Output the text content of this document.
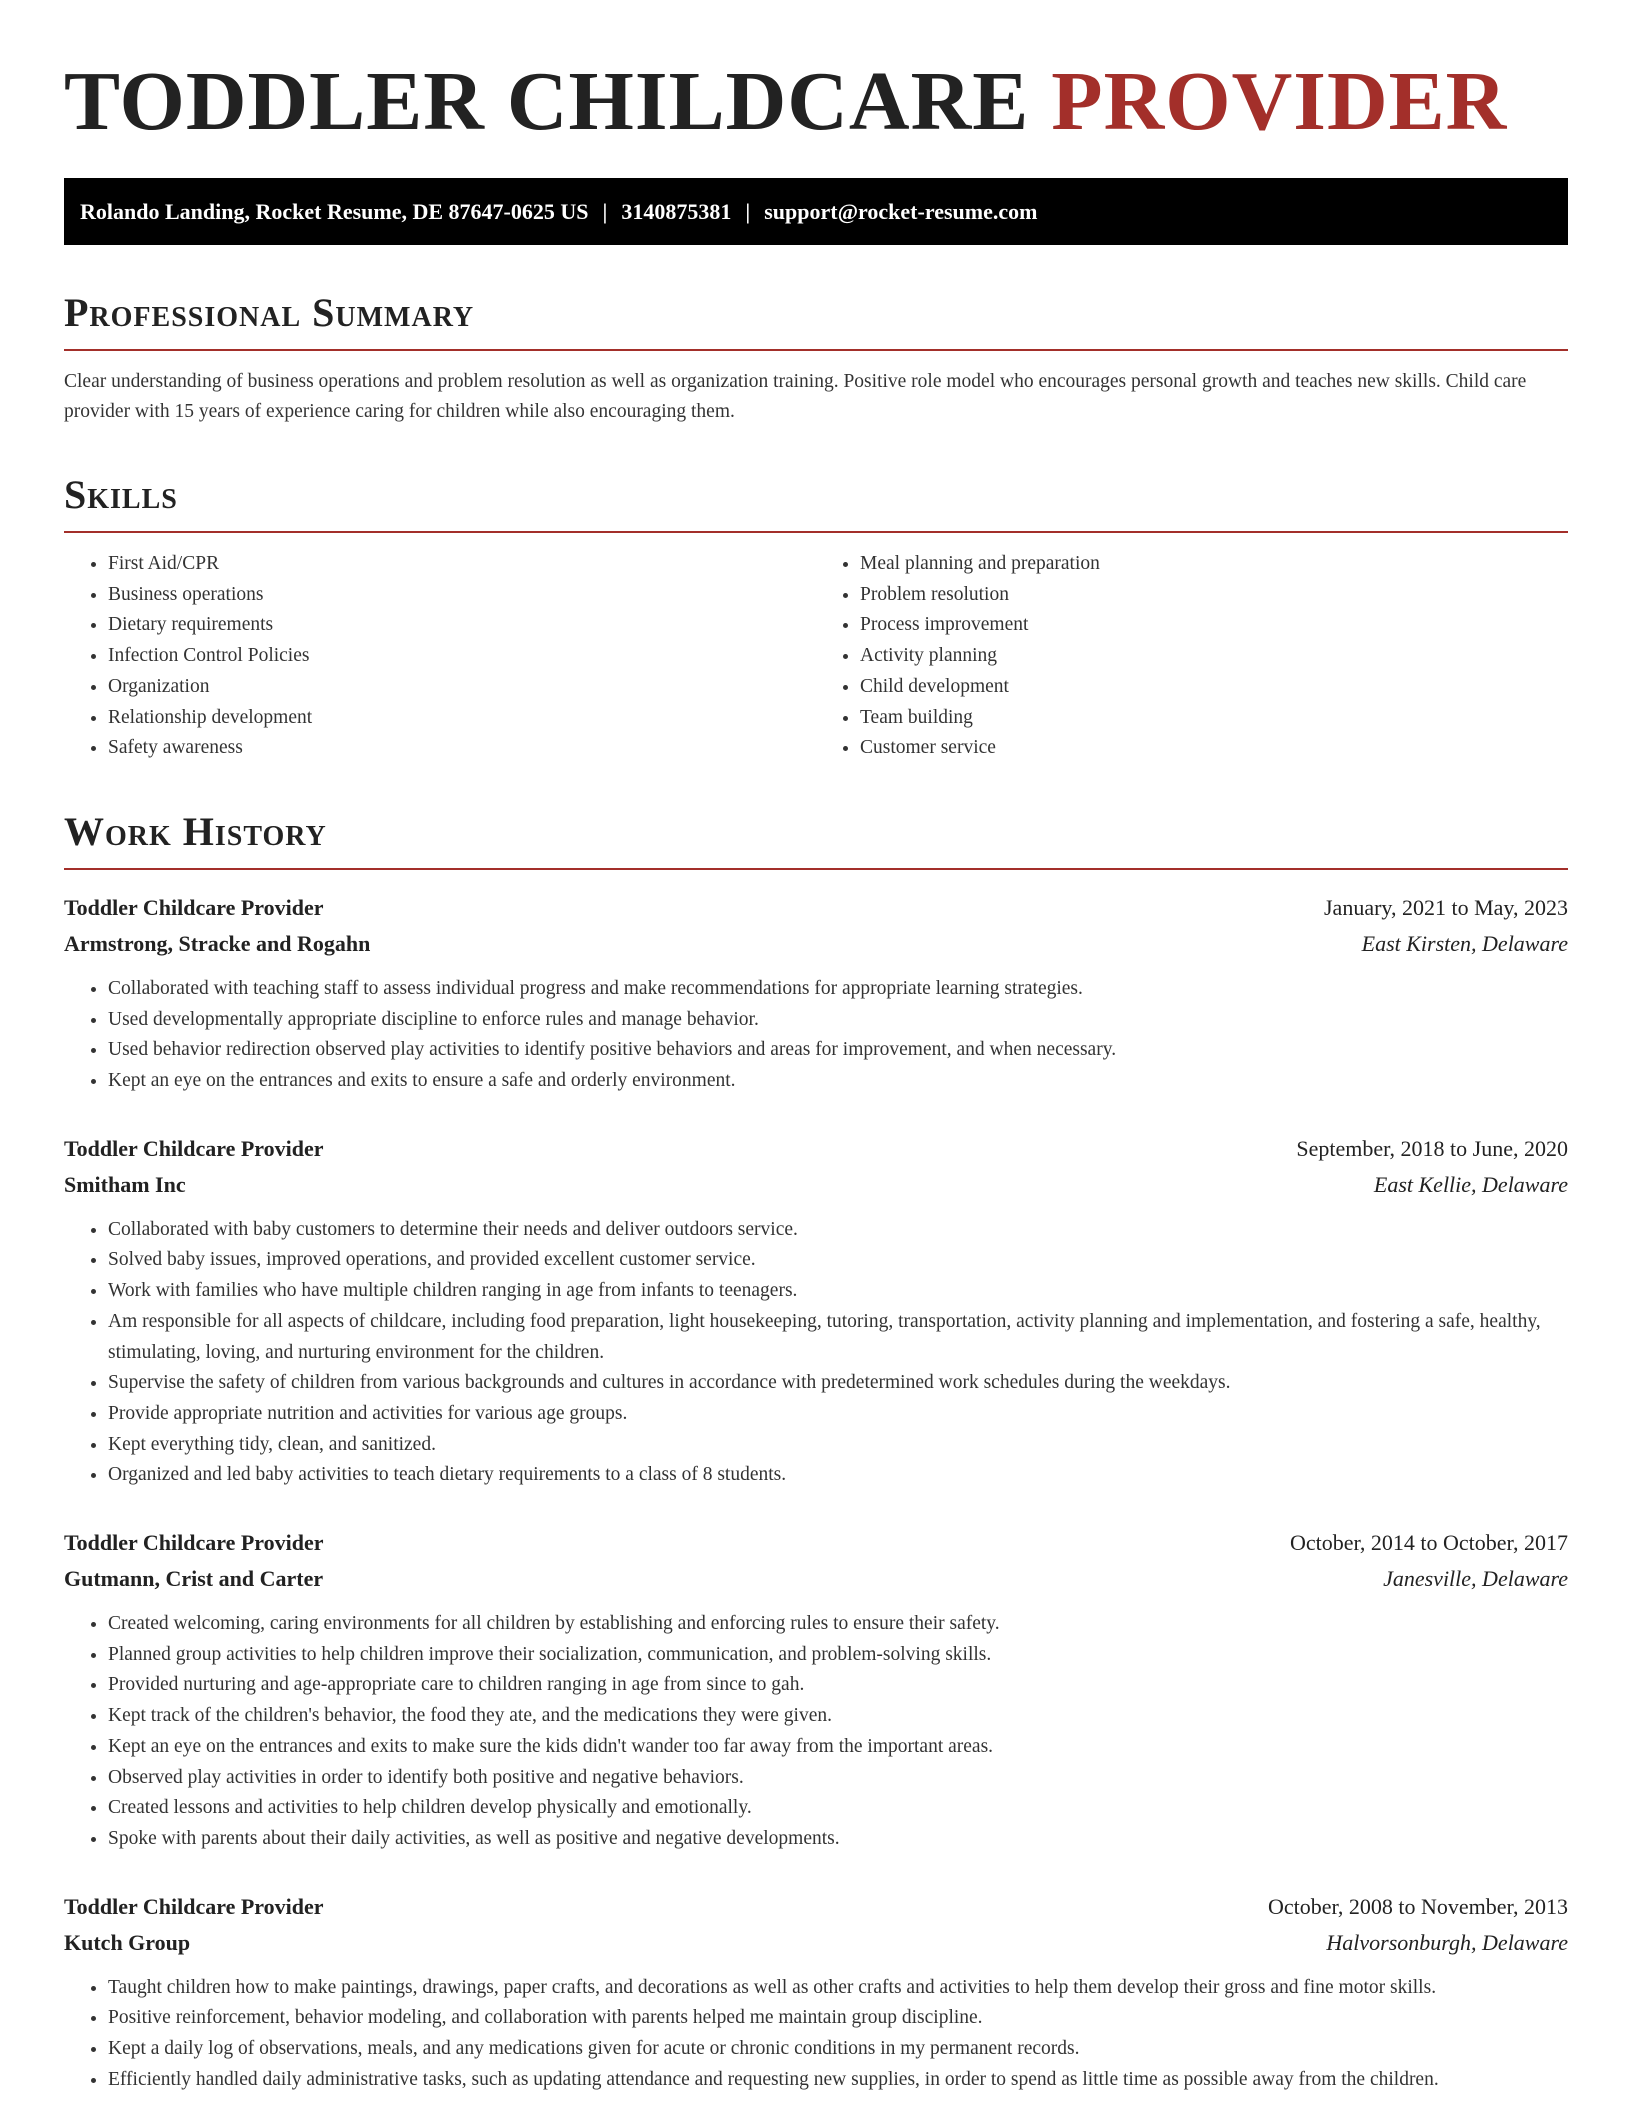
TODDLER CHILDCARE PROVIDER
Rolando Landing, Rocket Resume, DE 87647-0625 US | 3140875381 | support@rocket-resume.com
Professional Summary

Clear understanding of business operations and problem resolution as well as organization training. Positive role model who encourages personal growth and teaches new skills. Child care provider with 15 years of experience caring for children while also encouraging them.

Skills
• First Aid/CPR
• Business operations
• Dietary requirements
• Infection Control Policies
• Organization
• Relationship development
• Safety awareness
• Meal planning and preparation
• Problem resolution
• Process improvement
• Activity planning
• Child development
• Team building
• Customer service
Work History
Toddler Childcare Provider	January, 2021 to May, 2023
Armstrong, Stracke and Rogahn	East Kirsten, Delaware
• Collaborated with teaching staff to assess individual progress and make recommendations for appropriate learning strategies.
• Used developmentally appropriate discipline to enforce rules and manage behavior.
• Used behavior redirection observed play activities to identify positive behaviors and areas for improvement, and when necessary.
• Kept an eye on the entrances and exits to ensure a safe and orderly environment.
Toddler Childcare Provider	September, 2018 to June, 2020
Smitham Inc	East Kellie, Delaware
• Collaborated with baby customers to determine their needs and deliver outdoors service.
• Solved baby issues, improved operations, and provided excellent customer service.
• Work with families who have multiple children ranging in age from infants to teenagers.
• Am responsible for all aspects of childcare, including food preparation, light housekeeping, tutoring, transportation, activity planning and implementation, and fostering a safe, healthy, stimulating, loving, and nurturing environment for the children.
• Supervise the safety of children from various backgrounds and cultures in accordance with predetermined work schedules during the weekdays.
• Provide appropriate nutrition and activities for various age groups.
• Kept everything tidy, clean, and sanitized.
• Organized and led baby activities to teach dietary requirements to a class of 8 students.
Toddler Childcare Provider	October, 2014 to October, 2017
Gutmann, Crist and Carter	Janesville, Delaware
• Created welcoming, caring environments for all children by establishing and enforcing rules to ensure their safety.
• Planned group activities to help children improve their socialization, communication, and problem-solving skills.
• Provided nurturing and age-appropriate care to children ranging in age from since to gah.
• Kept track of the children's behavior, the food they ate, and the medications they were given.
• Kept an eye on the entrances and exits to make sure the kids didn't wander too far away from the important areas.
• Observed play activities in order to identify both positive and negative behaviors.
• Created lessons and activities to help children develop physically and emotionally.
• Spoke with parents about their daily activities, as well as positive and negative developments.
Toddler Childcare Provider	October, 2008 to November, 2013
Kutch Group	Halvorsonburgh, Delaware
• Taught children how to make paintings, drawings, paper crafts, and decorations as well as other crafts and activities to help them develop their gross and fine motor skills.
• Positive reinforcement, behavior modeling, and collaboration with parents helped me maintain group discipline.
• Kept a daily log of observations, meals, and any medications given for acute or chronic conditions in my permanent records.
• Efficiently handled daily administrative tasks, such as updating attendance and requesting new supplies, in order to spend as little time as possible away from the children.
